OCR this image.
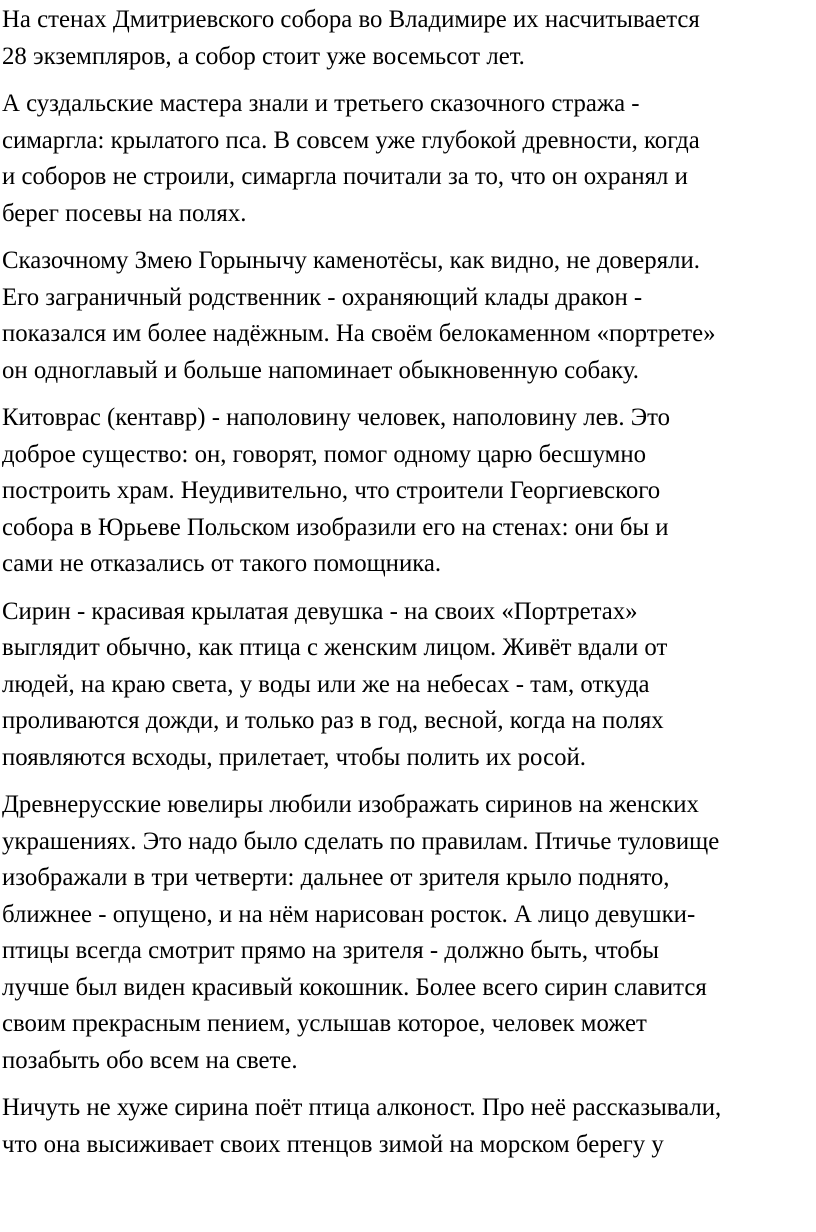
На стенах Дмитриевского собора во Владимире их насчитывается
28 экземпляров, а собор стоит уже восемьсот лет.

А суздальские мастера знали и третьего сказочного стража -
симаргла: крылатого пса. В совсем уже глубокой древности, когда
и соборов не строили, симаргла почитали за то, что он охранял и
берег посевы на полях.

Сказочному Змею Горынычу каменотёсы, как видно, не доверяли.
Его заграничный родственник - охраняющий клады дракон -
показался им более надёжным. На своём белокаменном «портрете»
он одноглавый и больше напоминает обыкновенную собаку.

Китоврас (кентавр) - наполовину человек, наполовину лев. Это
доброе существо: он, говорят, помог одному царю бесшумно
построить храм. Неудивительно, что строители Георгиевского
собора в Юрьеве Польском изобразили его на стенах: они бы и
сами не отказались от такого помощника.

Сирин - красивая крылатая девушка - на своих «Портретах»
выглядит обычно, как птица с женским лицом. Живёт вдали от
людей, на краю света, у воды или же на небесах - там, откуда
проливаются дожди, и только раз в год, весной, когда на полях
появляются всходы, прилетает, чтобы полить их росой.

Древнерусские ювелиры любили изображать сиринов на женских
украшениях. Это надо было сделать по правилам. Птичье туловище
изображали в три четверти: дальнее от зрителя крыло поднято,
ближнее - опущено, и на нём нарисован росток. А лицо девушки-
птицы всегда смотрит прямо на зрителя - должно быть, чтобы
лучше был виден красивый кокошник. Более всего сирин славится
своим прекрасным пением, услышав которое, человек может
позабыть обо всем на свете.

Ничуть не хуже сирина поёт птица алконост. Про неё рассказывали,
что она высиживает своих птенцов зимой на морском берегу у
